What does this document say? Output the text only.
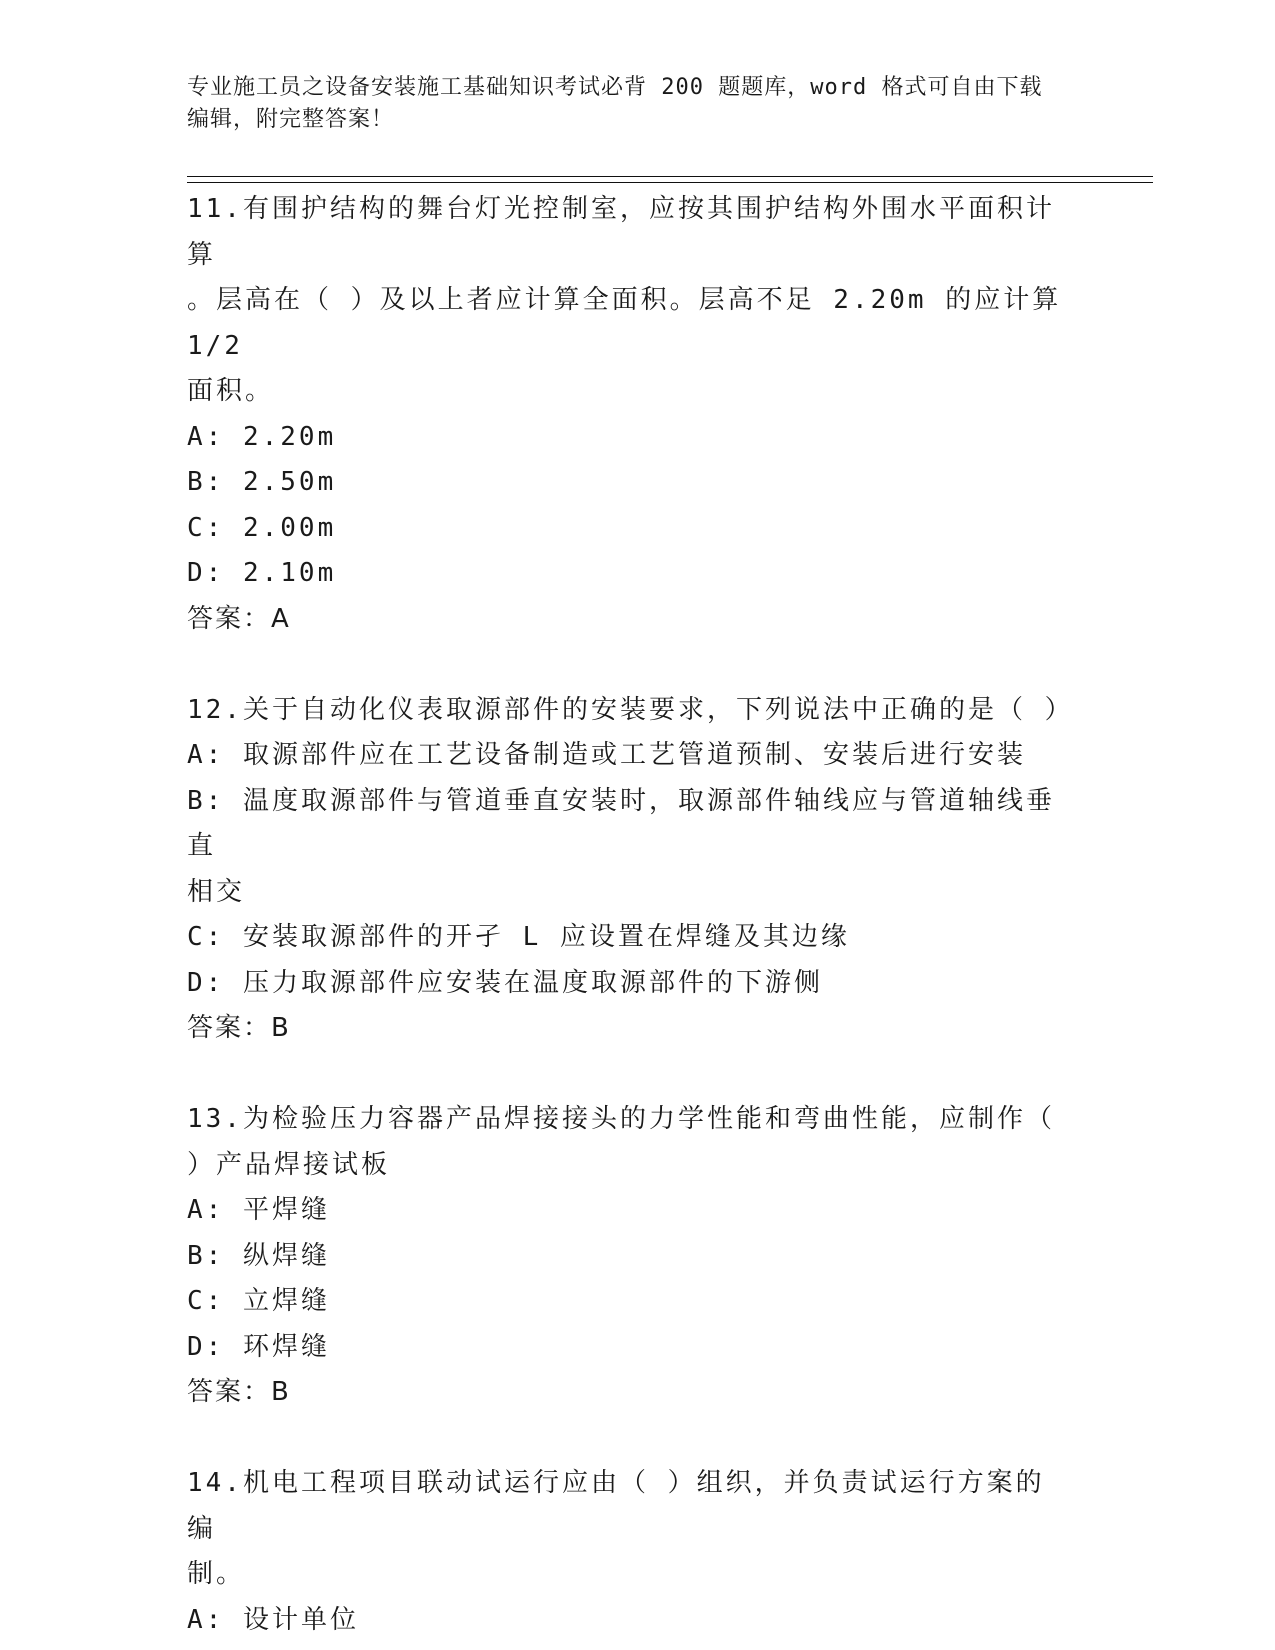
专业施工员之设备安装施工基础知识考试必背 200 题题库，word 格式可自由下载
编辑，附完整答案！

11.有围护结构的舞台灯光控制室，应按其围护结构外围水平面积计算

。层高在（ ）及以上者应计算全面积。层高不足 2.20m 的应计算 1/2

面积。

A: 2.20m

B: 2.50m

C: 2.00m

D: 2.10m

答案：A

12.关于自动化仪表取源部件的安装要求，下列说法中正确的是（ ）

A: 取源部件应在工艺设备制造或工艺管道预制、安装后进行安装

B: 温度取源部件与管道垂直安装时，取源部件轴线应与管道轴线垂直

相交

C: 安装取源部件的开孑 L 应设置在焊缝及其边缘

D: 压力取源部件应安装在温度取源部件的下游侧

答案：B

13.为检验压力容器产品焊接接头的力学性能和弯曲性能，应制作（

）产品焊接试板

A: 平焊缝

B: 纵焊缝

C: 立焊缝

D: 环焊缝

答案：B

14.机电工程项目联动试运行应由（ ）组织，并负责试运行方案的编

制。

A: 设计单位
